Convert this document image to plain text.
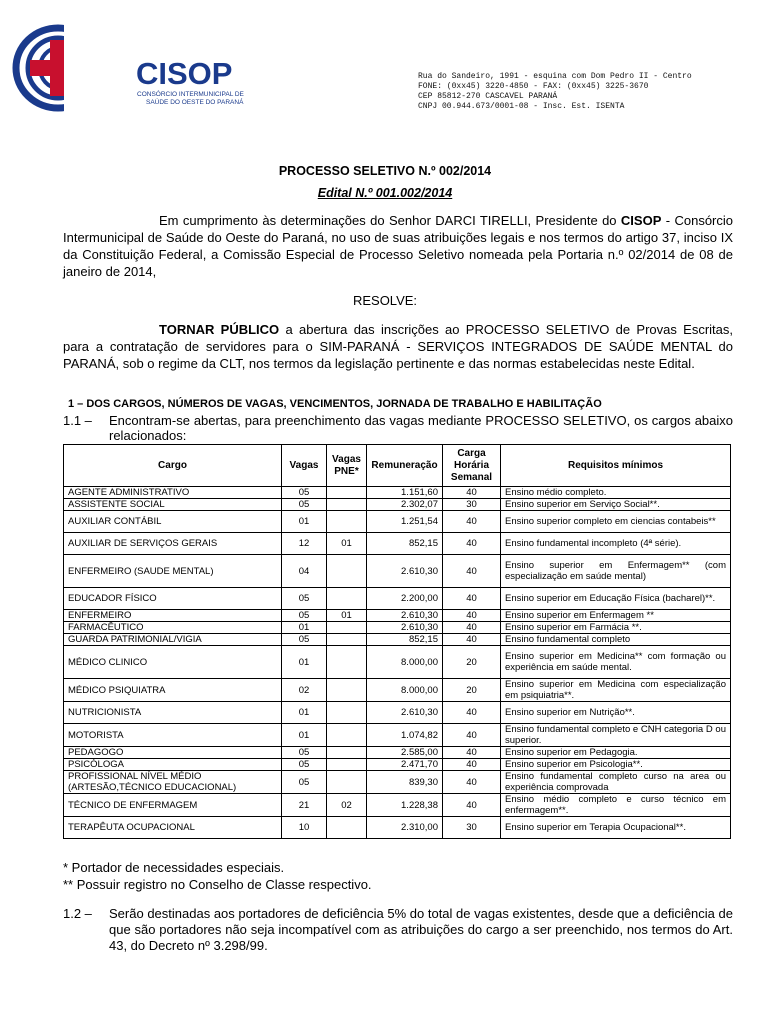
CISOP
CONSÓRCIO INTERMUNICIPAL DE
SAÚDE DO OESTE DO PARANÁ
Rua do Sandeiro, 1991 - esquina com Dom Pedro II - Centro
FONE: (0xx45) 3220-4850 - FAX: (0xx45) 3225-3670
CEP 85812-270 CASCAVEL PARANÁ
CNPJ 00.944.673/0001-08 - Insc. Est. ISENTA
PROCESSO SELETIVO N.º 002/2014
Edital N.º 001.002/2014
Em cumprimento às determinações do Senhor DARCI TIRELLI, Presidente do CISOP - Consórcio Intermunicipal de Saúde do Oeste do Paraná, no uso de suas atribuições legais e nos termos do artigo 37, inciso IX da Constituição Federal, a Comissão Especial de Processo Seletivo nomeada pela Portaria n.º 02/2014 de 08 de janeiro de 2014,
RESOLVE:
TORNAR PÚBLICO a abertura das inscrições ao PROCESSO SELETIVO de Provas Escritas, para a contratação de servidores para o SIM-PARANÁ - SERVIÇOS INTEGRADOS DE SAÚDE MENTAL do PARANÁ, sob o regime da CLT, nos termos da legislação pertinente e das normas estabelecidas neste Edital.
1 – DOS CARGOS, NÚMEROS DE VAGAS, VENCIMENTOS, JORNADA DE TRABALHO E HABILITAÇÃO
1.1 – Encontram-se abertas, para preenchimento das vagas mediante PROCESSO SELETIVO, os cargos abaixo relacionados:
Cargo	Vagas	Vagas PNE*	Remuneração	Carga Horária Semanal	Requisitos mínimos
AGENTE ADMINISTRATIVO	05		1.151,60	40	Ensino médio completo.
ASSISTENTE SOCIAL	05		2.302,07	30	Ensino superior em Serviço Social**.
AUXILIAR CONTÁBIL	01		1.251,54	40	Ensino superior completo em ciencias contabeis**
AUXILIAR DE SERVIÇOS GERAIS	12	01	852,15	40	Ensino fundamental incompleto (4ª série).
ENFERMEIRO (SAUDE MENTAL)	04		2.610,30	40	Ensino superior em Enfermagem** (com especialização em saúde mental)
EDUCADOR FÍSICO	05		2.200,00	40	Ensino superior em Educação Física (bacharel)**.
ENFERMEIRO	05	01	2.610,30	40	Ensino superior em Enfermagem **
FARMACÊUTICO	01		2.610,30	40	Ensino superior em Farmácia **.
GUARDA PATRIMONIAL/VIGIA	05		852,15	40	Ensino fundamental completo
MÉDICO CLINICO	01		8.000,00	20	Ensino superior em Medicina** com formação ou experiência em saúde mental.
MÉDICO PSIQUIATRA	02		8.000,00	20	Ensino superior em Medicina com especialização em psiquiatria**.
NUTRICIONISTA	01		2.610,30	40	Ensino superior em Nutrição**.
MOTORISTA	01		1.074,82	40	Ensino fundamental completo e CNH categoria D ou superior.
PEDAGOGO	05		2.585,00	40	Ensino superior em Pedagogia.
PSICÓLOGA	05		2.471,70	40	Ensino superior em Psicologia**.
PROFISSIONAL NÍVEL MÉDIO (ARTESÃO,TÉCNICO EDUCACIONAL)	05		839,30	40	Ensino fundamental completo curso na area ou experiência comprovada
TÉCNICO DE ENFERMAGEM	21	02	1.228,38	40	Ensino médio completo e curso técnico em enfermagem**.
TERAPÊUTA OCUPACIONAL	10		2.310,00	30	Ensino superior em Terapia Ocupacional**.
* Portador de necessidades especiais.
** Possuir registro no Conselho de Classe respectivo.
1.2 – Serão destinadas aos portadores de deficiência 5% do total de vagas existentes, desde que a deficiência de que são portadores não seja incompatível com as atribuições do cargo a ser preenchido, nos termos do Art. 43, do Decreto nº 3.298/99.
